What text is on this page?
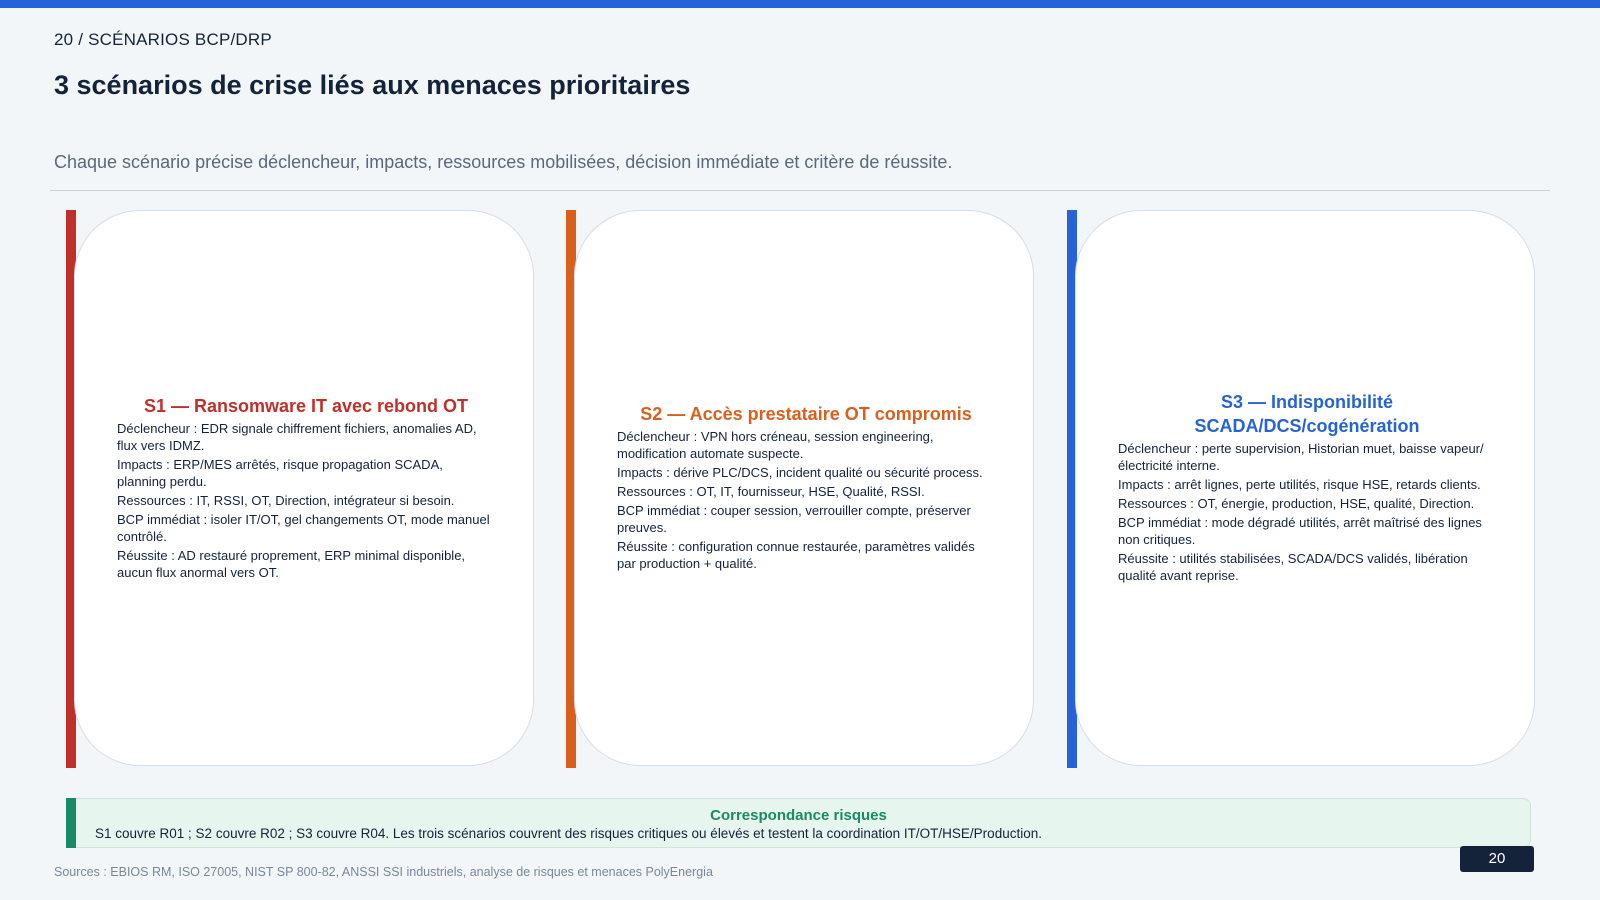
20 / SCÉNARIOS BCP/DRP
3 scénarios de crise liés aux menaces prioritaires
Chaque scénario précise déclencheur, impacts, ressources mobilisées, décision immédiate et critère de réussite.
S1 — Ransomware IT avec rebond OT

Déclencheur : EDR signale chiffrement fichiers, anomalies AD, flux vers IDMZ.

Impacts : ERP/MES arrêtés, risque propagation SCADA, planning perdu.

Ressources : IT, RSSI, OT, Direction, intégrateur si besoin.

BCP immédiat : isoler IT/OT, gel changements OT, mode manuel contrôlé.

Réussite : AD restauré proprement, ERP minimal disponible, aucun flux anormal vers OT.

S2 — Accès prestataire OT compromis

Déclencheur : VPN hors créneau, session engineering, modification automate suspecte.

Impacts : dérive PLC/DCS, incident qualité ou sécurité process.

Ressources : OT, IT, fournisseur, HSE, Qualité, RSSI.

BCP immédiat : couper session, verrouiller compte, préserver preuves.

Réussite : configuration connue restaurée, paramètres validés par production + qualité.

S3 — Indisponibilité SCADA/DCS/cogénération

Déclencheur : perte supervision, Historian muet, baisse vapeur/électricité interne.

Impacts : arrêt lignes, perte utilités, risque HSE, retards clients.

Ressources : OT, énergie, production, HSE, qualité, Direction.

BCP immédiat : mode dégradé utilités, arrêt maîtrisé des lignes non critiques.

Réussite : utilités stabilisées, SCADA/DCS validés, libération qualité avant reprise.

Correspondance risques
S1 couvre R01 ; S2 couvre R02 ; S3 couvre R04. Les trois scénarios couvrent des risques critiques ou élevés et testent la coordination IT/OT/HSE/Production.
Sources : EBIOS RM, ISO 27005, NIST SP 800-82, ANSSI SSI industriels, analyse de risques et menaces PolyEnergia
20
